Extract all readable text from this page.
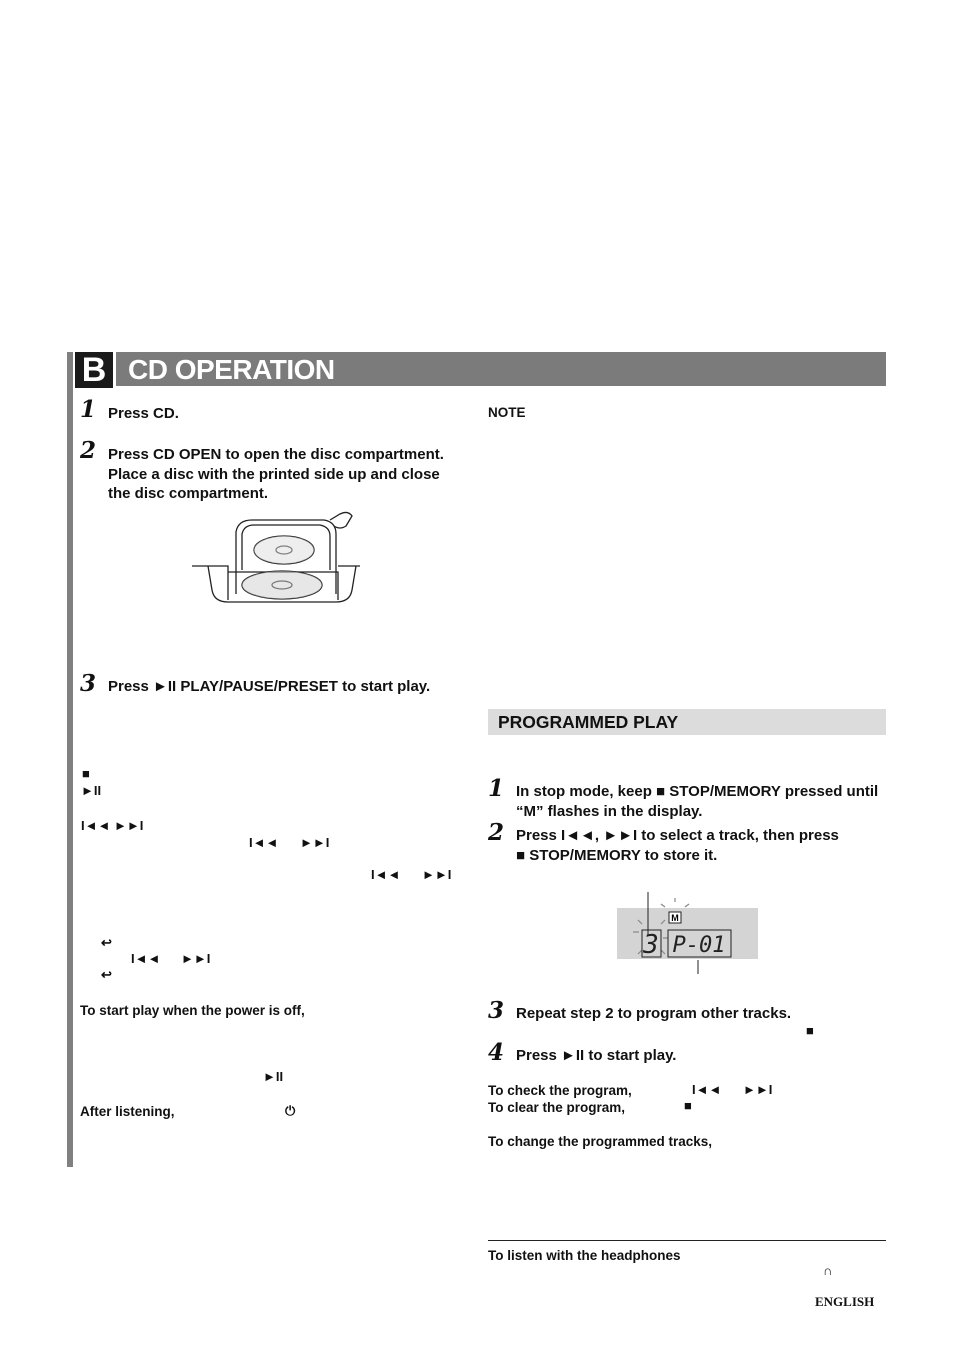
B CD OPERATION
1 Press CD.
2 Press CD OPEN to open the disc compartment. Place a disc with the printed side up and close the disc compartment.
3 Press ►II PLAY/PAUSE/PRESET to start play.
■
►II
I◄◄ ►►I
I◄◄ ►►I
I◄◄ ►►I
↩
I◄◄ ►►I
↩
To start play when the power is off,
►II
After listening,	⏻
NOTE
PROGRAMMED PLAY
1 In stop mode, keep ■ STOP/MEMORY pressed until “M” flashes in the display.
2 Press I◄◄, ►►I to select a track, then press
■ STOP/MEMORY to store it.
M
3 P-01
3 Repeat step 2 to program other tracks.
■
4 Press ►II to start play.
To check the program,	I◄◄ ►►I
To clear the program,	■
To change the programmed tracks,
To listen with the headphones
∩
ENGLISH
